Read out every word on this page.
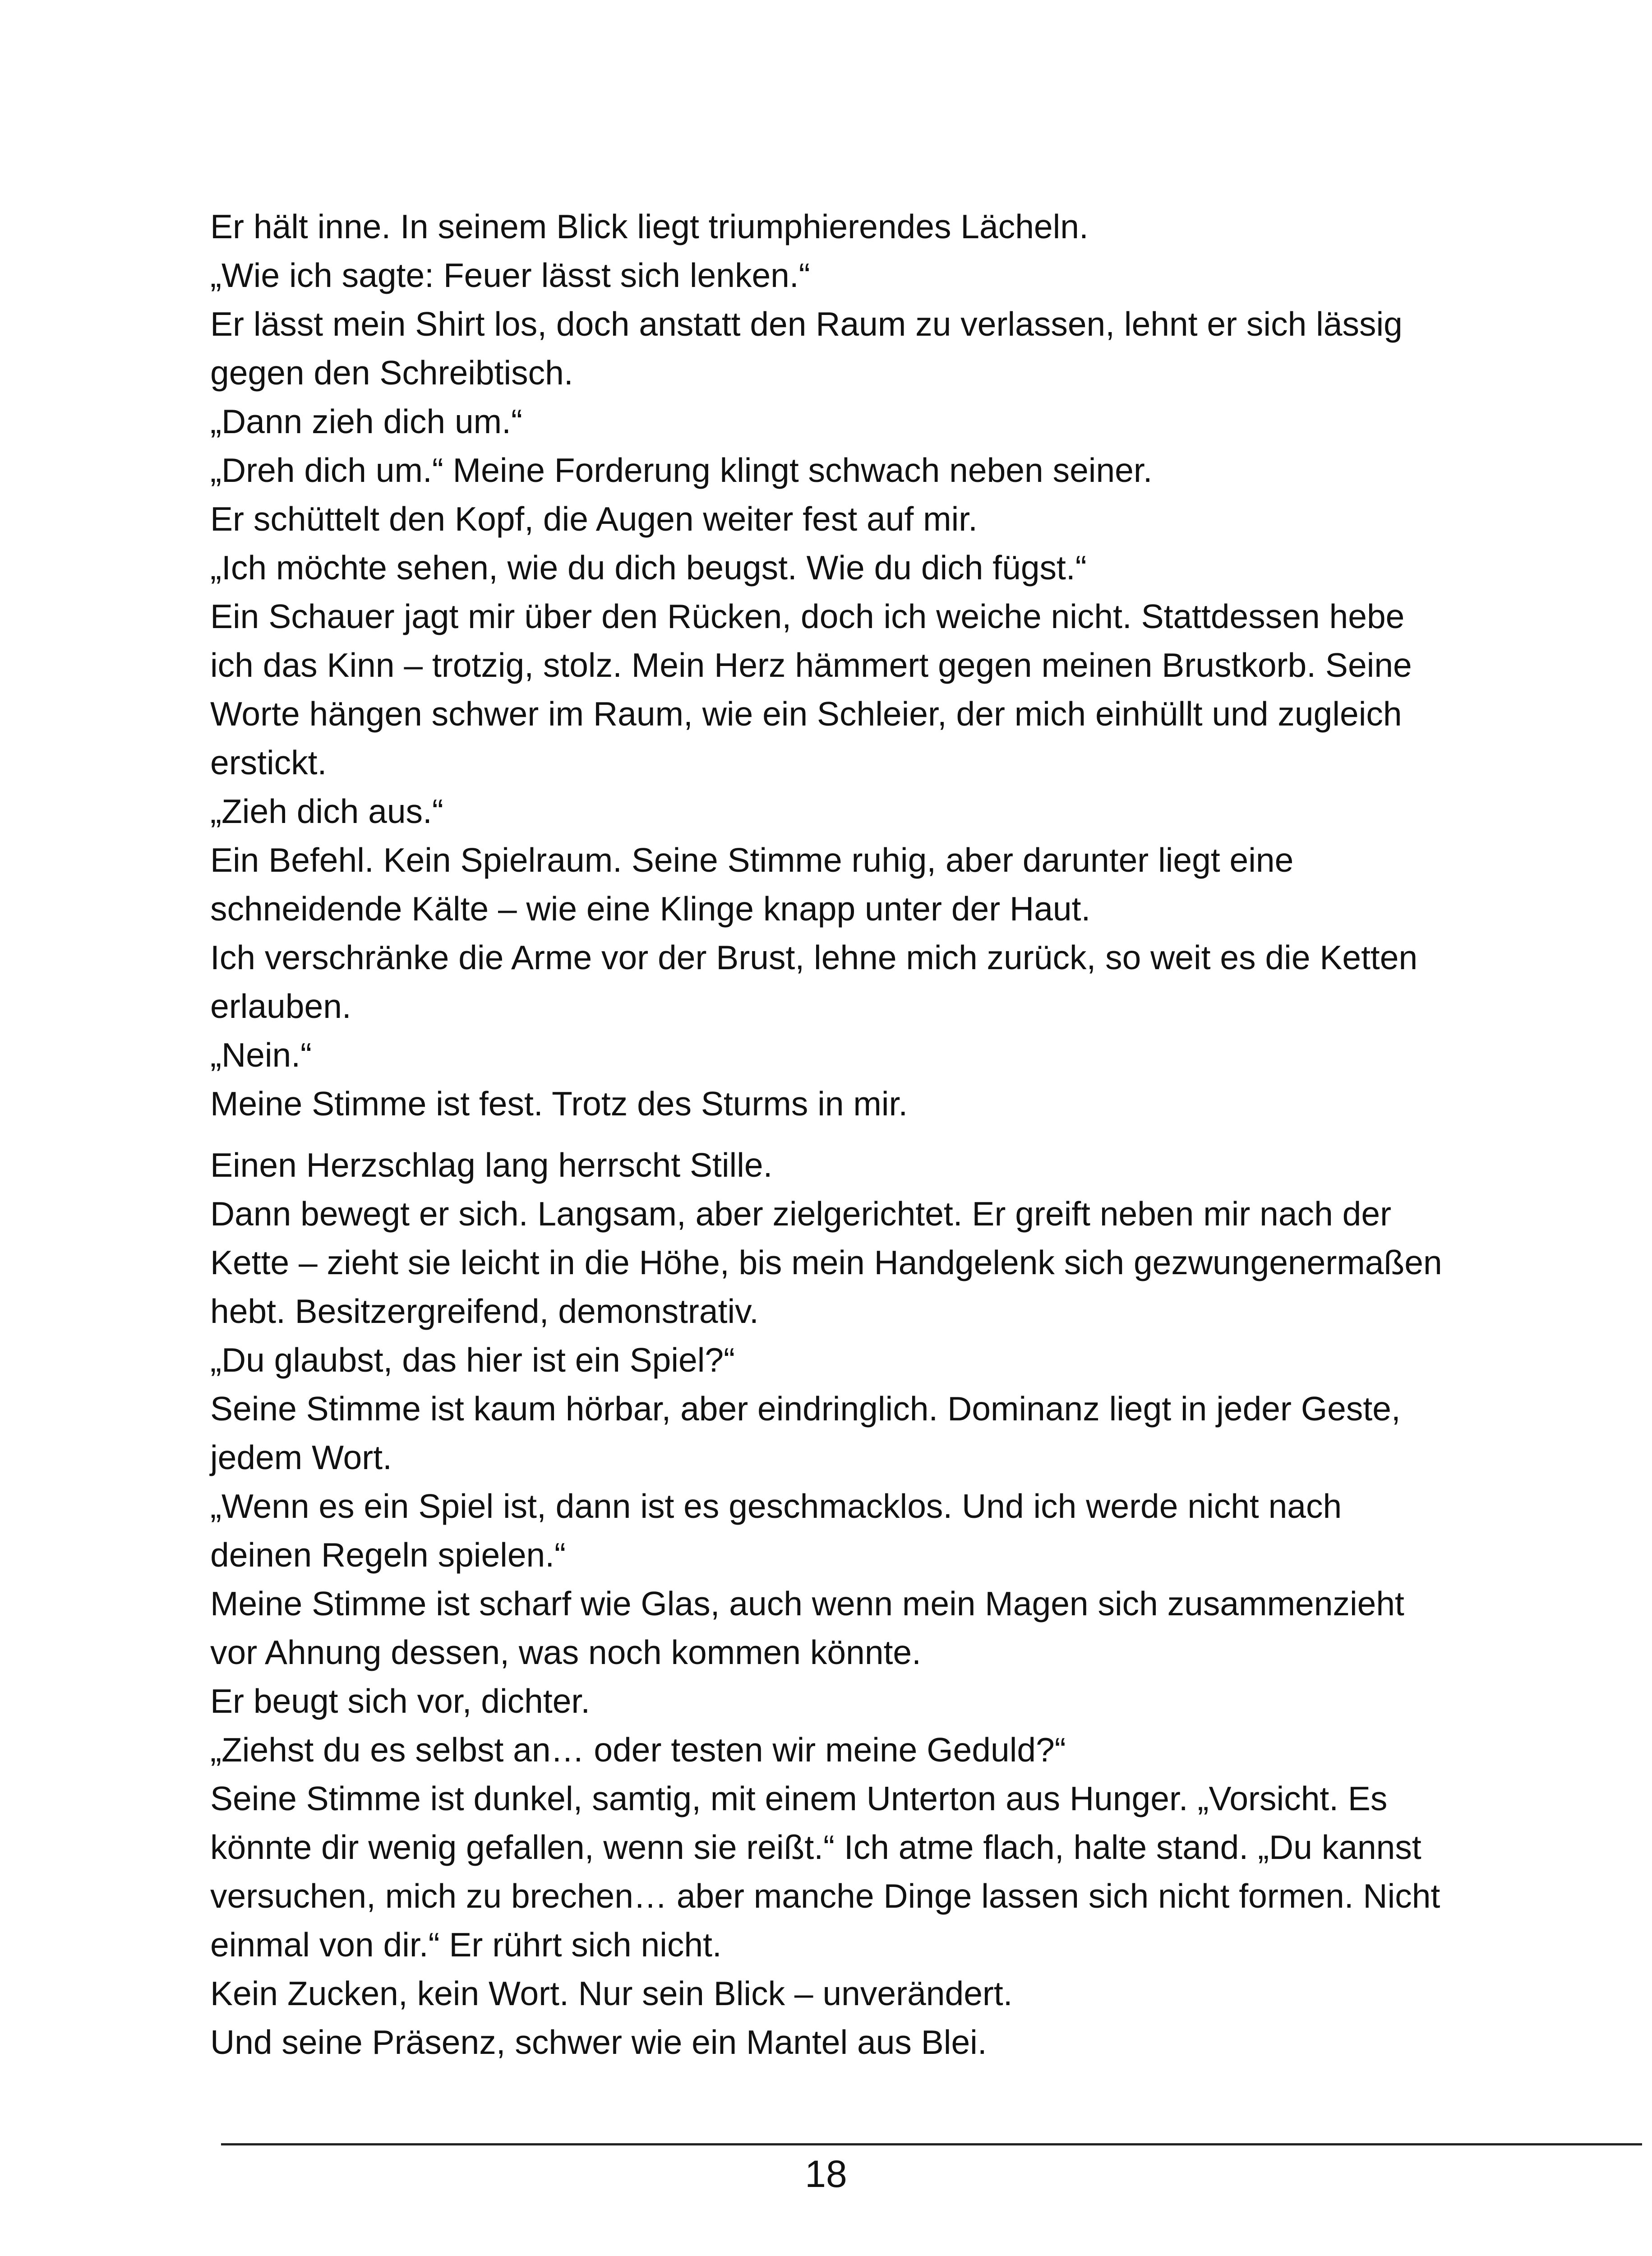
Er hält inne. In seinem Blick liegt triumphierendes Lächeln.

„Wie ich sagte: Feuer lässt sich lenken.“

Er lässt mein Shirt los, doch anstatt den Raum zu verlassen, lehnt er sich lässig gegen den Schreibtisch.

„Dann zieh dich um.“

„Dreh dich um.“ Meine Forderung klingt schwach neben seiner.

Er schüttelt den Kopf, die Augen weiter fest auf mir.

„Ich möchte sehen, wie du dich beugst. Wie du dich fügst.“

Ein Schauer jagt mir über den Rücken, doch ich weiche nicht. Stattdessen hebe ich das Kinn – trotzig, stolz. Mein Herz hämmert gegen meinen Brustkorb. Seine Worte hängen schwer im Raum, wie ein Schleier, der mich einhüllt und zugleich erstickt.

„Zieh dich aus.“

Ein Befehl. Kein Spielraum. Seine Stimme ruhig, aber darunter liegt eine schneidende Kälte – wie eine Klinge knapp unter der Haut.

Ich verschränke die Arme vor der Brust, lehne mich zurück, so weit es die Ketten erlauben.

„Nein.“

Meine Stimme ist fest. Trotz des Sturms in mir.

Einen Herzschlag lang herrscht Stille.

Dann bewegt er sich. Langsam, aber zielgerichtet. Er greift neben mir nach der Kette – zieht sie leicht in die Höhe, bis mein Handgelenk sich gezwungenermaßen hebt. Besitzergreifend, demonstrativ.

„Du glaubst, das hier ist ein Spiel?“

Seine Stimme ist kaum hörbar, aber eindringlich. Dominanz liegt in jeder Geste, jedem Wort.

„Wenn es ein Spiel ist, dann ist es geschmacklos. Und ich werde nicht nach deinen Regeln spielen.“

Meine Stimme ist scharf wie Glas, auch wenn mein Magen sich zusammenzieht vor Ahnung dessen, was noch kommen könnte.

Er beugt sich vor, dichter.

„Ziehst du es selbst an… oder testen wir meine Geduld?“

Seine Stimme ist dunkel, samtig, mit einem Unterton aus Hunger. „Vorsicht. Es könnte dir wenig gefallen, wenn sie reißt.“ Ich atme flach, halte stand. „Du kannst versuchen, mich zu brechen… aber manche Dinge lassen sich nicht formen. Nicht einmal von dir.“ Er rührt sich nicht.

Kein Zucken, kein Wort. Nur sein Blick – unverändert.

Und seine Präsenz, schwer wie ein Mantel aus Blei.

18
